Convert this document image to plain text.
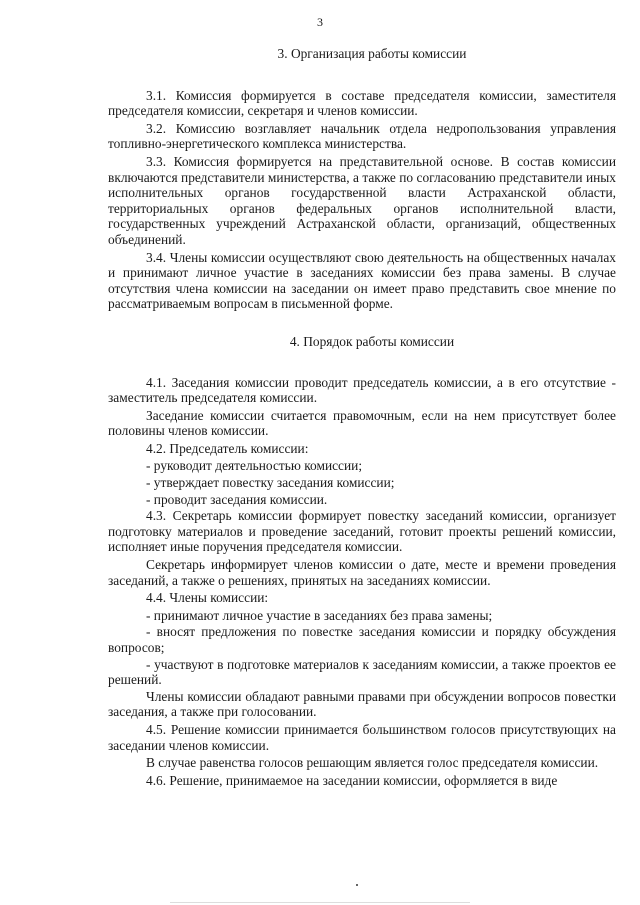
3
3. Организация работы комиссии

3.1. Комиссия формируется в составе председателя комиссии, заместителя председателя комиссии, секретаря и членов комиссии.

3.2. Комиссию возглавляет начальник отдела недропользования управления топливно-энергетического комплекса министерства.

3.3. Комиссия формируется на представительной основе. В состав комиссии включаются представители министерства, а также по согласованию представители иных исполнительных органов государственной власти Астраханской области, территориальных органов федеральных органов исполнительной власти, государственных учреждений Астраханской области, организаций, общественных объединений.

3.4. Члены комиссии осуществляют свою деятельность на общественных началах и принимают личное участие в заседаниях комиссии без права замены. В случае отсутствия члена комиссии на заседании он имеет право представить свое мнение по рассматриваемым вопросам в письменной форме.

4. Порядок работы комиссии

4.1. Заседания комиссии проводит председатель комиссии, а в его отсутствие - заместитель председателя комиссии.

Заседание комиссии считается правомочным, если на нем присутствует более половины членов комиссии.

4.2. Председатель комиссии:

- руководит деятельностью комиссии;

- утверждает повестку заседания комиссии;

- проводит заседания комиссии.

4.3. Секретарь комиссии формирует повестку заседаний комиссии, организует подготовку материалов и проведение заседаний, готовит проекты решений комиссии, исполняет иные поручения председателя комиссии.

Секретарь информирует членов комиссии о дате, месте и времени проведения заседаний, а также о решениях, принятых на заседаниях комиссии.

4.4. Члены комиссии:

- принимают личное участие в заседаниях без права замены;

- вносят предложения по повестке заседания комиссии и порядку обсуждения вопросов;

- участвуют в подготовке материалов к заседаниям комиссии, а также проектов ее решений.

Члены комиссии обладают равными правами при обсуждении вопросов повестки заседания, а также при голосовании.

4.5. Решение комиссии принимается большинством голосов присутствующих на заседании членов комиссии.

В случае равенства голосов решающим является голос председателя комиссии.

4.6. Решение, принимаемое на заседании комиссии, оформляется в виде
